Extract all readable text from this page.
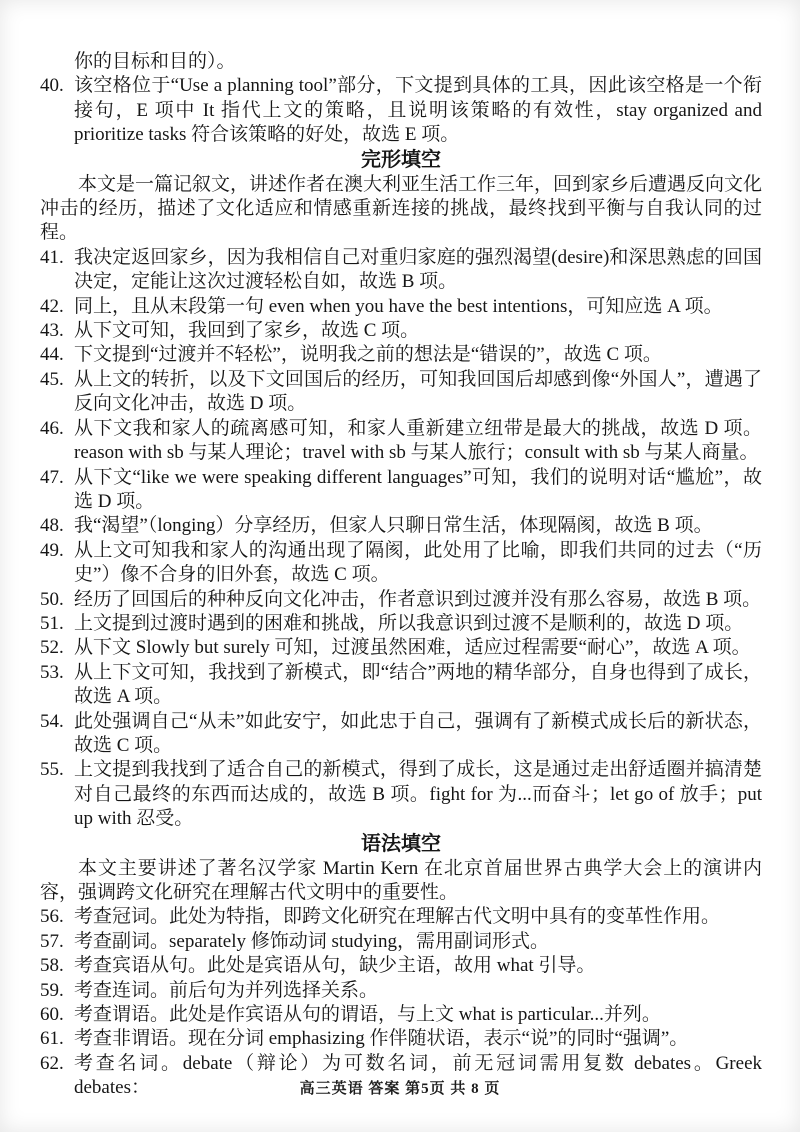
你的目标和目的）。
40. 该空格位于“Use a planning tool”部分，下文提到具体的工具，因此该空格是一个衔接句，E 项中 It 指代上文的策略，且说明该策略的有效性，stay organized and prioritize tasks 符合该策略的好处，故选 E 项。
完形填空

本文是一篇记叙文，讲述作者在澳大利亚生活工作三年，回到家乡后遭遇反向文化冲击的经历，描述了文化适应和情感重新连接的挑战，最终找到平衡与自我认同的过程。

41. 我决定返回家乡，因为我相信自己对重归家庭的强烈渴望(desire)和深思熟虑的回国决定，定能让这次过渡轻松自如，故选 B 项。
42. 同上，且从末段第一句 even when you have the best intentions，可知应选 A 项。
43. 从下文可知，我回到了家乡，故选 C 项。
44. 下文提到“过渡并不轻松”，说明我之前的想法是“错误的”，故选 C 项。
45. 从上文的转折，以及下文回国后的经历，可知我回国后却感到像“外国人”，遭遇了反向文化冲击，故选 D 项。
46. 从下文我和家人的疏离感可知，和家人重新建立纽带是最大的挑战，故选 D 项。reason with sb 与某人理论；travel with sb 与某人旅行；consult with sb 与某人商量。
47. 从下文“like we were speaking different languages”可知，我们的说明对话“尴尬”，故选 D 项。
48. 我“渴望”（longing）分享经历，但家人只聊日常生活，体现隔阂，故选 B 项。
49. 从上文可知我和家人的沟通出现了隔阂，此处用了比喻，即我们共同的过去（“历史”）像不合身的旧外套，故选 C 项。
50. 经历了回国后的种种反向文化冲击，作者意识到过渡并没有那么容易，故选 B 项。
51. 上文提到过渡时遇到的困难和挑战，所以我意识到过渡不是顺利的，故选 D 项。
52. 从下文 Slowly but surely 可知，过渡虽然困难，适应过程需要“耐心”，故选 A 项。
53. 从上下文可知，我找到了新模式，即“结合”两地的精华部分，自身也得到了成长，故选 A 项。
54. 此处强调自己“从未”如此安宁，如此忠于自己，强调有了新模式成长后的新状态，故选 C 项。
55. 上文提到我找到了适合自己的新模式，得到了成长，这是通过走出舒适圈并搞清楚对自己最终的东西而达成的，故选 B 项。fight for 为...而奋斗；let go of 放手；put up with 忍受。
语法填空

本文主要讲述了著名汉学家 Martin Kern 在北京首届世界古典学大会上的演讲内容，强调跨文化研究在理解古代文明中的重要性。

56. 考查冠词。此处为特指，即跨文化研究在理解古代文明中具有的变革性作用。
57. 考查副词。separately 修饰动词 studying，需用副词形式。
58. 考查宾语从句。此处是宾语从句，缺少主语，故用 what 引导。
59. 考查连词。前后句为并列选择关系。
60. 考查谓语。此处是作宾语从句的谓语，与上文 what is particular...并列。
61. 考查非谓语。现在分词 emphasizing 作伴随状语，表示“说”的同时“强调”。
62. 考查名词。debate（辩论）为可数名词，前无冠词需用复数 debates。Greek debates：	高三英语 答案 第5页 共 8 页
